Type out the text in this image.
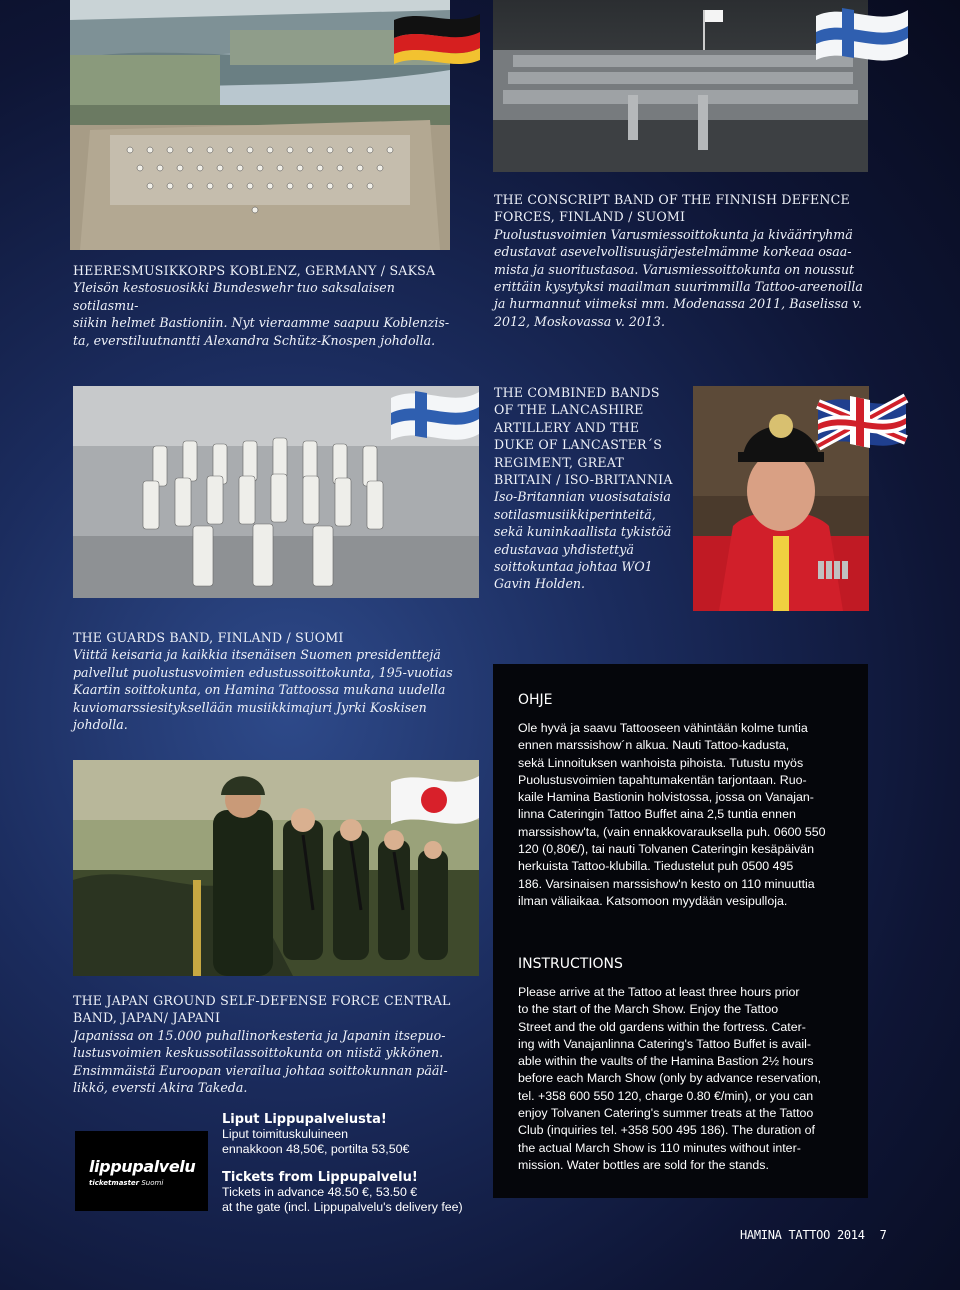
HEERESMUSIKKORPS KOBLENZ, GERMANY / SAKSA
Yleisön kestosuosikki Bundeswehr tuo saksalaisen sotilasmu-
siikin helmet Bastioniin. Nyt vieraamme saapuu Koblenzis-
ta, everstiluutnantti Alexandra Schütz-Knospen johdolla.
THE CONSCRIPT BAND OF THE FINNISH DEFENCE
FORCES, FINLAND / SUOMI
Puolustusvoimien Varusmiessoittokunta ja kivääriryhmä
edustavat asevelvollisuusjärjestelmämme korkeaa osaa-
mista ja suoritustasoa. Varusmiessoittokunta on noussut
erittäin kysytyksi maailman suurimmilla Tattoo-areenoilla
ja hurmannut viimeksi mm. Modenassa 2011, Baselissa v.
2012, Moskovassa v. 2013.
THE COMBINED BANDS
OF THE LANCASHIRE
ARTILLERY AND THE
DUKE OF LANCASTER´S
REGIMENT, GREAT
BRITAIN / ISO-BRITANNIA
Iso-Britannian vuosisataisia
sotilasmusiikkiperinteitä,
sekä kuninkaallista tykistöä
edustavaa yhdistettyä
soittokuntaa johtaa WO1
Gavin Holden.
THE GUARDS BAND, FINLAND / SUOMI
Viittä keisaria ja kaikkia itsenäisen Suomen presidenttejä
palvellut puolustusvoimien edustussoittokunta, 195-vuotias
Kaartin soittokunta, on Hamina Tattoossa mukana uudella
kuviomarssiesityksellään musiikkimajuri Jyrki Koskisen
johdolla.
THE JAPAN GROUND SELF-DEFENSE FORCE CENTRAL
BAND, JAPAN/ JAPANI
Japanissa on 15.000 puhallinorkesteria ja Japanin itsepuo-
lustusvoimien keskussotilassoittokunta on niistä ykkönen.
Ensimmäistä Euroopan vierailua johtaa soittokunnan pääl-
likkö, eversti Akira Takeda.
OHJE
Ole hyvä ja saavu Tattooseen vähintään kolme tuntia
ennen marssishow´n alkua. Nauti Tattoo-kadusta,
sekä Linnoituksen wanhoista pihoista. Tutustu myös
Puolustusvoimien tapahtumakentän tarjontaan. Ruo-
kaile Hamina Bastionin holvistossa, jossa on Vanajan-
linna Cateringin Tattoo Buffet aina 2,5 tuntia ennen
marssishow'ta, (vain ennakkovarauksella puh. 0600 550
120 (0,80€/), tai nauti Tolvanen Cateringin kesäpäivän
herkuista Tattoo-klubilla. Tiedustelut puh 0500 495
186. Varsinaisen marssishow'n kesto on 110 minuuttia
ilman väliaikaa. Katsomoon myydään vesipulloja.
INSTRUCTIONS
Please arrive at the Tattoo at least three hours prior
to the start of the March Show. Enjoy the Tattoo
Street and the old gardens within the fortress. Cater-
ing with Vanajanlinna Catering's Tattoo Buffet is avail-
able within the vaults of the Hamina Bastion 2½ hours
before each March Show (only by advance reservation,
tel. +358 600 550 120, charge 0.80 €/min), or you can
enjoy Tolvanen Catering's summer treats at the Tattoo
Club (inquiries tel. +358 500 495 186). The duration of
the actual March Show is 110 minutes without inter-
mission. Water bottles are sold for the stands.
lippupalvelu
ticketmaster Suomi
Liput Lippupalvelusta!
Liput toimituskuluineen
ennakkoon 48,50€, portilta 53,50€
Tickets from Lippupalvelu!
Tickets in advance 48.50 €, 53.50 €
at the gate (incl. Lippupalvelu's delivery fee)
HAMINA TATTOO 2014 7
